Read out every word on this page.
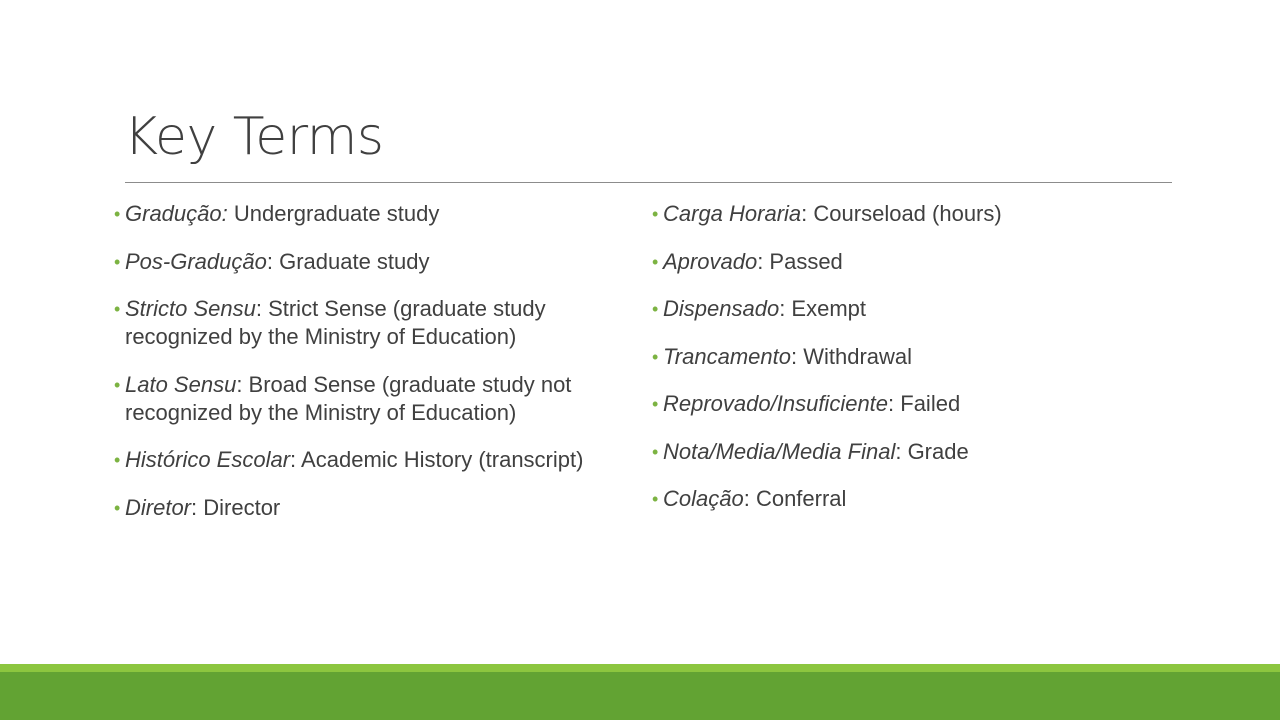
Key Terms
• Gradução: Undergraduate study
• Pos-Gradução: Graduate study
• Stricto Sensu: Strict Sense (graduate study recognized by the Ministry of Education)
• Lato Sensu: Broad Sense (graduate study not recognized by the Ministry of Education)
• Histórico Escolar: Academic History (transcript)
• Diretor: Director
• Carga Horaria: Courseload (hours)
• Aprovado: Passed
• Dispensado: Exempt
• Trancamento: Withdrawal
• Reprovado/Insuficiente: Failed
• Nota/Media/Media Final: Grade
• Colação: Conferral
